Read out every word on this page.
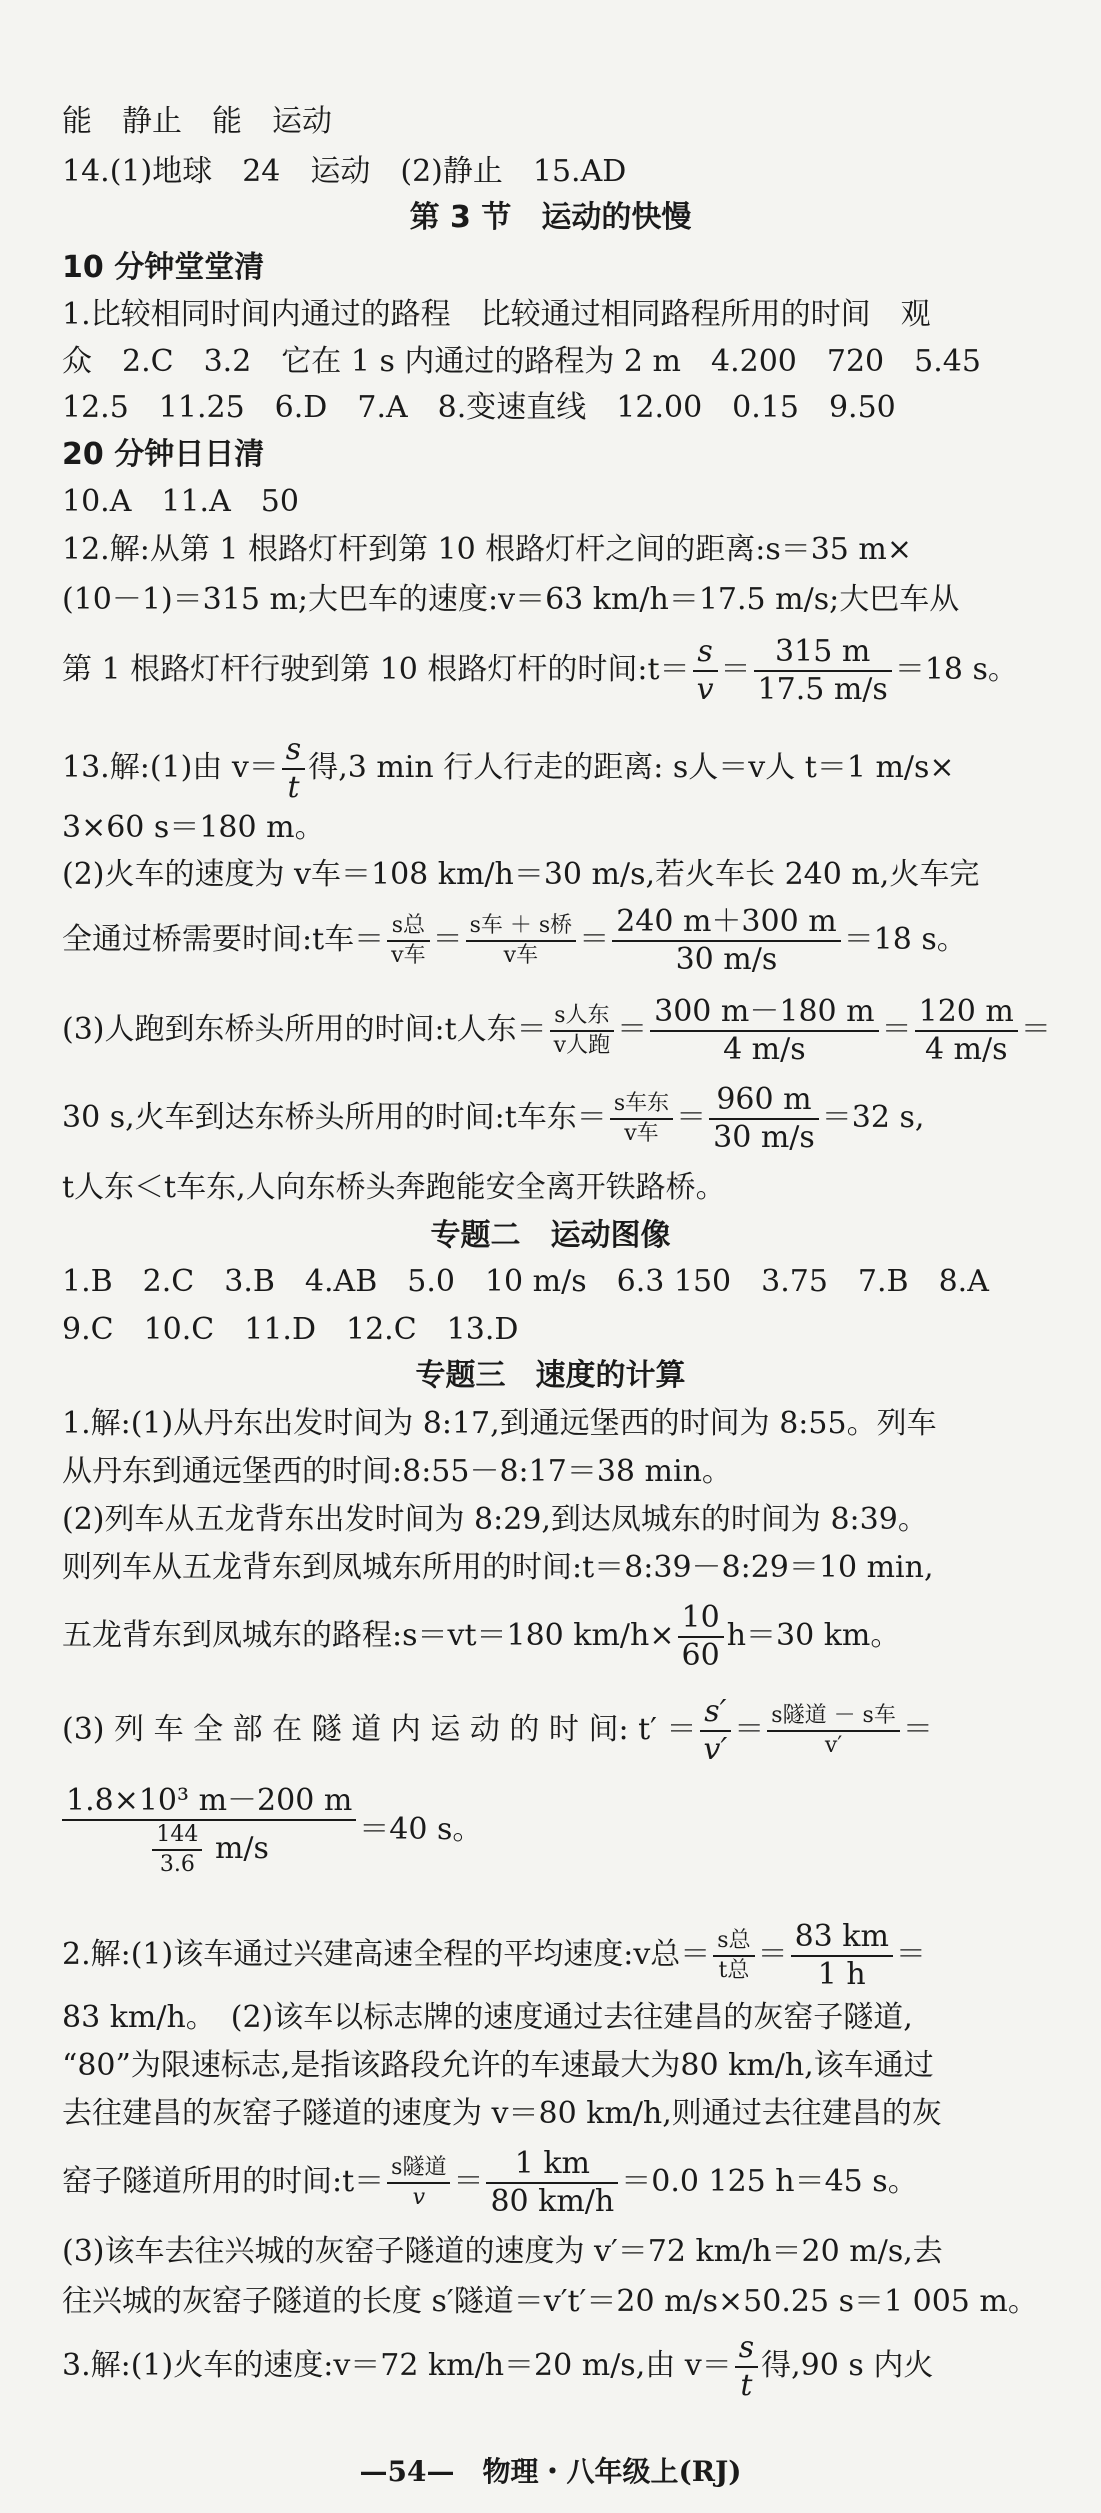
能　静止　能　运动
14.(1)地球　24　运动　(2)静止　15.AD
第 3 节　运动的快慢
10 分钟堂堂清
1.比较相同时间内通过的路程　比较通过相同路程所用的时间　观
众　2.C　3.2　它在 1 s 内通过的路程为 2 m　4.200　720　5.45
12.5　11.25　6.D　7.A　8.变速直线　12.00　0.15　9.50
20 分钟日日清
10.A　11.A　50
12.解:从第 1 根路灯杆到第 10 根路灯杆之间的距离:s＝35 m×
(10－1)＝315 m;大巴车的速度:v＝63 km/h＝17.5 m/s;大巴车从
第 1 根路灯杆行驶到第 10 根路灯杆的时间:t＝ $\frac{s}{v} = \frac{315 m}{17.5 m/s} =18$ s。
13.解:(1)由 $v= \frac{s}{t}$ 得,3 min 行人行走的距离: s人＝v人 t＝1 m/s×
3×60 s＝180 m。
(2)火车的速度为 v车＝108 km/h＝30 m/s,若火车长 240 m,火车完
全通过桥需要时间:t车＝ $\frac{\text{s总}}{\text{v车}} = \frac{\text{s车 ＋ s桥}}{\text{v车}} = \frac{240 m+300 m}{30 m/s} =18$ s。
(3)人跑到东桥头所用的时间:t人东＝ $\frac{\text{s人东}}{\text{v人跑}} = \frac{300 m-180 m}{4 m/s} = \frac{120 m}{4 m/s}$ ＝
30 s,火车到达东桥头所用的时间:t车东＝ $\frac{\text{s车东}}{\text{v车}} = \frac{960 m}{30 m/s} =32$ s,
t人东＜t车东,人向东桥头奔跑能安全离开铁路桥。
专题二　运动图像
1.B　2.C　3.B　4.AB　5.0　10 m/s　6.3 150　3.75　7.B　8.A
9.C　10.C　11.D　12.C　13.D
专题三　速度的计算
1.解:(1)从丹东出发时间为 8:17,到通远堡西的时间为 8:55。列车
从丹东到通远堡西的时间:8:55－8:17＝38 min。
(2)列车从五龙背东出发时间为 8:29,到达凤城东的时间为 8:39。
则列车从五龙背东到凤城东所用的时间:t＝8:39－8:29＝10 min,
五龙背东到凤城东的路程:s＝vt＝180 $km/h\times \frac{10}{60} h=30$ km。
(3) 列 车 全 部 在 隧 道 内 运 动 的 时 间: $t' = \frac{s'}{v'} = \frac{\text{s隧道 － s车}}{v'}$ ＝
$\frac{\text{1.8×10³ m－200 m}}{\frac{144}{3.6} m/s} =40$ s。
2.解:(1)该车通过兴建高速全程的平均速度:v总＝ $\frac{\text{s总}}{\text{t总}} = \frac{83 km}{1 h}$ ＝
83 km/h。　(2)该车以标志牌的速度通过去往建昌的灰窑子隧道,
“80”为限速标志,是指该路段允许的车速最大为80 km/h,该车通过
去往建昌的灰窑子隧道的速度为 v＝80 km/h,则通过去往建昌的灰
窑子隧道所用的时间:t＝ $\frac{\text{s隧道}}{v} = \frac{1 km}{80 km/h} =0.0$ 125 h＝45 s。
(3)该车去往兴城的灰窑子隧道的速度为 v′＝72 km/h＝20 m/s,去
往兴城的灰窑子隧道的长度 s′隧道＝v′t′＝20 m/s×50.25 s＝1 005 m。
3.解:(1)火车的速度:v＝72 km/h＝20 m/s,由 $v= \frac{s}{t}$ 得,90 s 内火
—54—　物理・八年级上(RJ)
